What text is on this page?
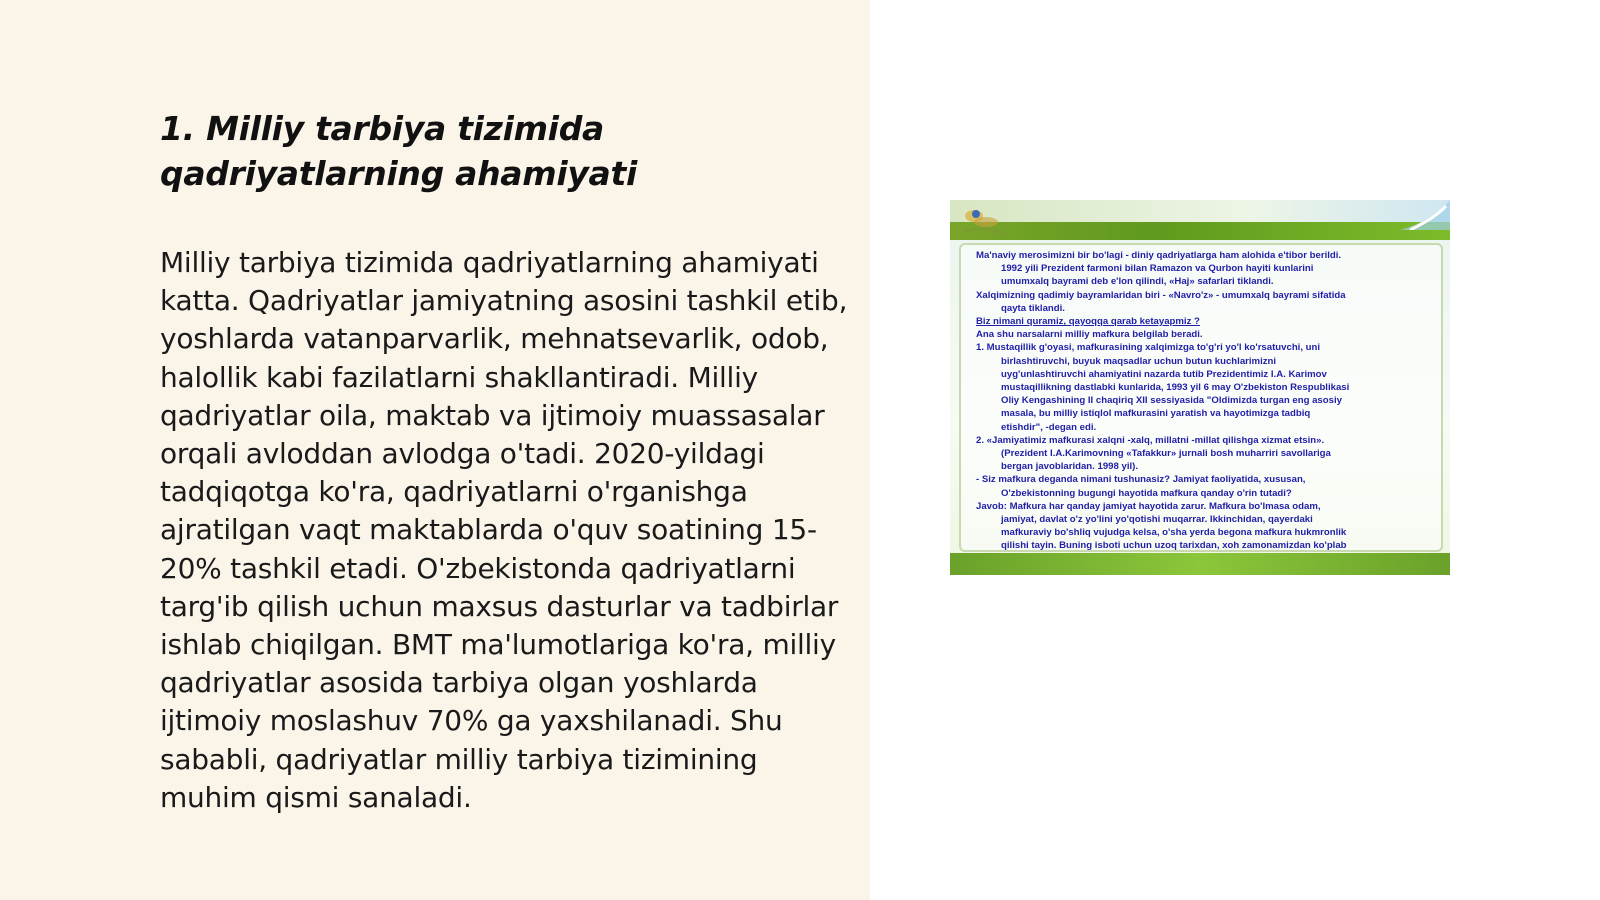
1. Milliy tarbiya tizimida
qadriyatlarning ahamiyati

Milliy tarbiya tizimida qadriyatlarning ahamiyati katta. Qadriyatlar jamiyatning asosini tashkil etib, yoshlarda vatanparvarlik, mehnatsevarlik, odob, halollik kabi fazilatlarni shakllantiradi. Milliy qadriyatlar oila, maktab va ijtimoiy muassasalar orqali avloddan avlodga o'tadi. 2020-yildagi tadqiqotga ko'ra, qadriyatlarni o'rganishga ajratilgan vaqt maktablarda o'quv soatining 15-20% tashkil etadi. O'zbekistonda qadriyatlarni targ'ib qilish uchun maxsus dasturlar va tadbirlar ishlab chiqilgan. BMT ma'lumotlariga ko'ra, milliy qadriyatlar asosida tarbiya olgan yoshlarda ijtimoiy moslashuv 70% ga yaxshilanadi. Shu sababli, qadriyatlar milliy tarbiya tizimining muhim qismi sanaladi.

Ma'naviy merosimizni bir bo'lagi - diniy qadriyatlarga ham alohida e'tibor berildi.
1992 yili Prezident farmoni bilan Ramazon va Qurbon hayiti kunlarini
umumxalq bayrami deb e'lon qilindi, «Haj» safarlari tiklandi.
Xalqimizning qadimiy bayramlaridan biri - «Navro'z» - umumxalq bayrami sifatida
qayta tiklandi.
Biz nimani quramiz, qayoqqa qarab ketayapmiz ?
Ana shu narsalarni milliy mafkura belgilab beradi.
1. Mustaqillik g'oyasi, mafkurasining xalqimizga to'g'ri yo'l ko'rsatuvchi, uni
birlashtiruvchi, buyuk maqsadlar uchun butun kuchlarimizni
uyg'unlashtiruvchi ahamiyatini nazarda tutib Prezidentimiz I.A. Karimov
mustaqillikning dastlabki kunlarida, 1993 yil 6 may O'zbekiston Respublikasi
Oliy Kengashining II chaqiriq XII sessiyasida "Oldimizda turgan eng asosiy
masala, bu milliy istiqlol mafkurasini yaratish va hayotimizga tadbiq
etishdir", -degan edi.
2. «Jamiyatimiz mafkurasi xalqni -xalq, millatni -millat qilishga xizmat etsin».
(Prezident I.A.Karimovning «Tafakkur» jurnali bosh muharriri savollariga
bergan javoblaridan. 1998 yil).
- Siz mafkura deganda nimani tushunasiz? Jamiyat faoliyatida, xususan,
O'zbekistonning bugungi hayotida mafkura qanday o'rin tutadi?
Javob: Mafkura har qanday jamiyat hayotida zarur. Mafkura bo'lmasa odam,
jamiyat, davlat o'z yo'lini yo'qotishi muqarrar. Ikkinchidan, qayerdaki
mafkuraviy bo'shliq vujudga kelsa, o'sha yerda begona mafkura hukmronlik
qilishi tayin. Buning isboti uchun uzoq tarixdan, xoh zamonamizdan ko'plab
